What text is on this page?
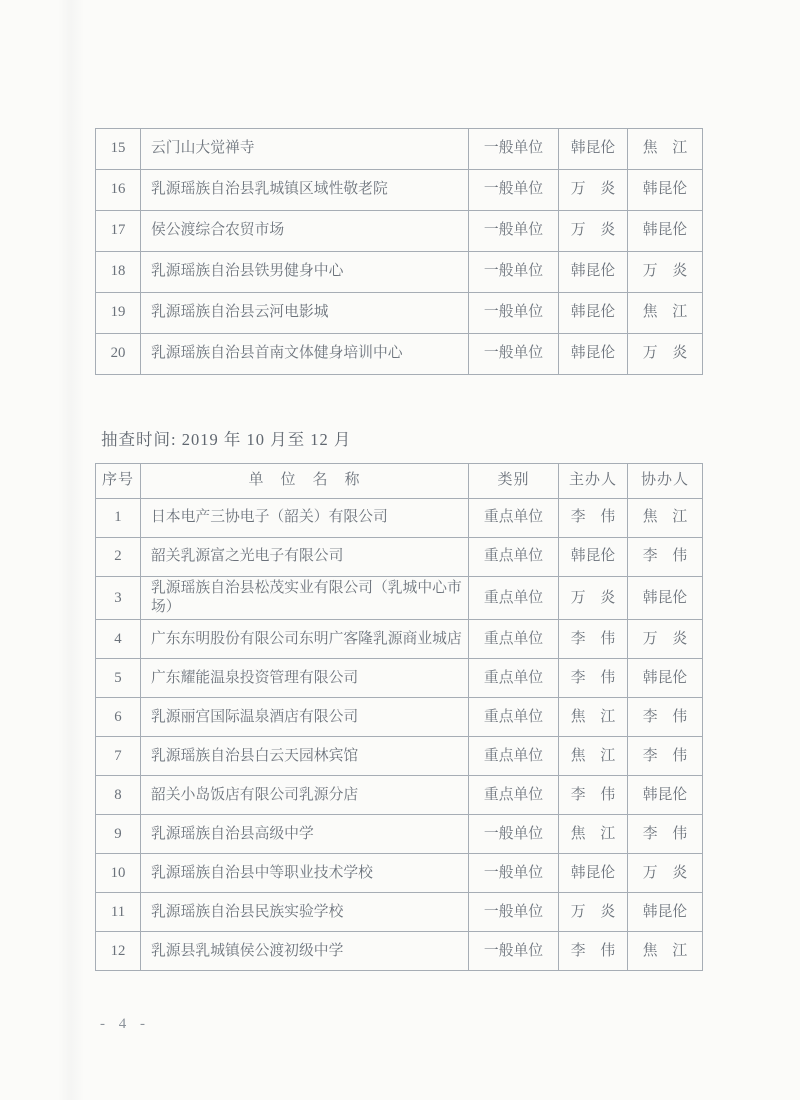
15	云门山大觉禅寺	一般单位	韩昆伦	焦　江
16	乳源瑶族自治县乳城镇区域性敬老院	一般单位	万　炎	韩昆伦
17	侯公渡综合农贸市场	一般单位	万　炎	韩昆伦
18	乳源瑶族自治县铁男健身中心	一般单位	韩昆伦	万　炎
19	乳源瑶族自治县云河电影城	一般单位	韩昆伦	焦　江
20	乳源瑶族自治县首南文体健身培训中心	一般单位	韩昆伦	万　炎
抽查时间: 2019 年 10 月至 12 月
序号	单　位　名　称	类别	主办人	协办人
1	日本电产三协电子（韶关）有限公司	重点单位	李　伟	焦　江
2	韶关乳源富之光电子有限公司	重点单位	韩昆伦	李　伟
3	乳源瑶族自治县松茂实业有限公司（乳城中心市场）	重点单位	万　炎	韩昆伦
4	广东东明股份有限公司东明广客隆乳源商业城店	重点单位	李　伟	万　炎
5	广东耀能温泉投资管理有限公司	重点单位	李　伟	韩昆伦
6	乳源丽宫国际温泉酒店有限公司	重点单位	焦　江	李　伟
7	乳源瑶族自治县白云天园林宾馆	重点单位	焦　江	李　伟
8	韶关小岛饭店有限公司乳源分店	重点单位	李　伟	韩昆伦
9	乳源瑶族自治县高级中学	一般单位	焦　江	李　伟
10	乳源瑶族自治县中等职业技术学校	一般单位	韩昆伦	万　炎
11	乳源瑶族自治县民族实验学校	一般单位	万　炎	韩昆伦
12	乳源县乳城镇侯公渡初级中学	一般单位	李　伟	焦　江
- 4 -
